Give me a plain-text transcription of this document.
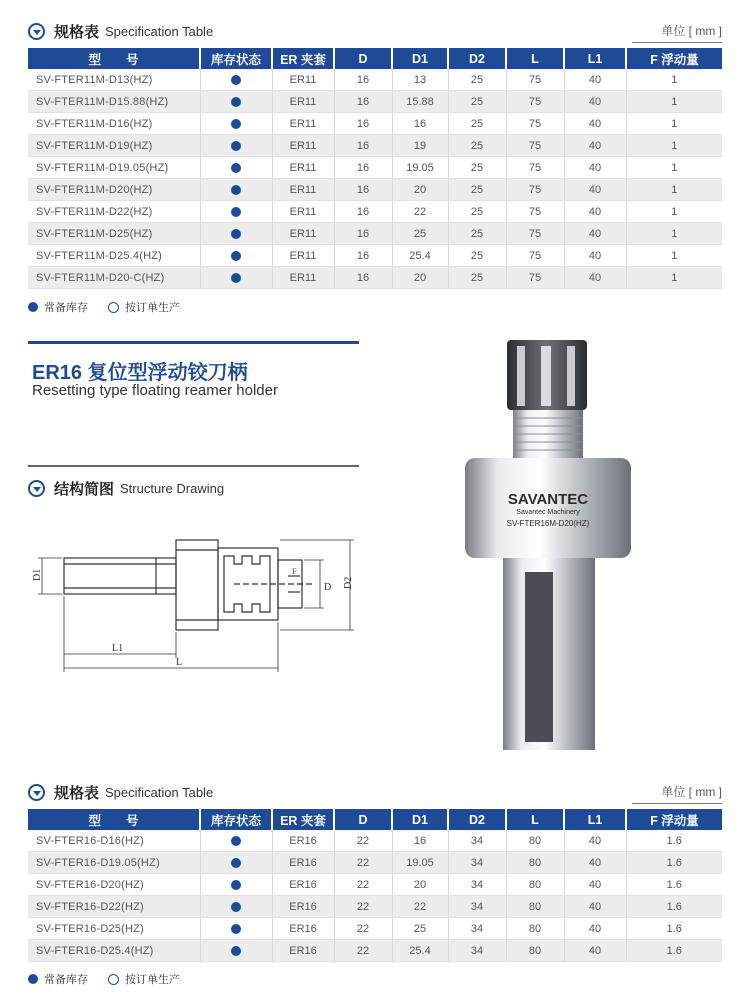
规格表 Specification Table	单位 [ mm ]
型　　号	库存状态	ER 夹套	D	D1	D2	L	L1	F 浮动量
SV-FTER11M-D13(HZ)		ER11	16	13	25	75	40	1
SV-FTER11M-D15.88(HZ)		ER11	16	15.88	25	75	40	1
SV-FTER11M-D16(HZ)		ER11	16	16	25	75	40	1
SV-FTER11M-D19(HZ)		ER11	16	19	25	75	40	1
SV-FTER11M-D19.05(HZ)		ER11	16	19.05	25	75	40	1
SV-FTER11M-D20(HZ)		ER11	16	20	25	75	40	1
SV-FTER11M-D22(HZ)		ER11	16	22	25	75	40	1
SV-FTER11M-D25(HZ)		ER11	16	25	25	75	40	1
SV-FTER11M-D25.4(HZ)		ER11	16	25.4	25	75	40	1
SV-FTER11M-D20-C(HZ)		ER11	16	20	25	75	40	1
常备库存	按订单生产
ER16 复位型浮动铰刀柄
Resetting type floating reamer holder
结构简图 Structure Drawing
D1
D D2
F
L1
L
SAVANTEC
Savantec Machinery
SV-FTER16M-D20(HZ)
规格表 Specification Table	单位 [ mm ]
型　　号	库存状态	ER 夹套	D	D1	D2	L	L1	F 浮动量
SV-FTER16-D16(HZ)		ER16	22	16	34	80	40	1.6
SV-FTER16-D19.05(HZ)		ER16	22	19.05	34	80	40	1.6
SV-FTER16-D20(HZ)		ER16	22	20	34	80	40	1.6
SV-FTER16-D22(HZ)		ER16	22	22	34	80	40	1.6
SV-FTER16-D25(HZ)		ER16	22	25	34	80	40	1.6
SV-FTER16-D25.4(HZ)		ER16	22	25.4	34	80	40	1.6
常备库存	按订单生产
